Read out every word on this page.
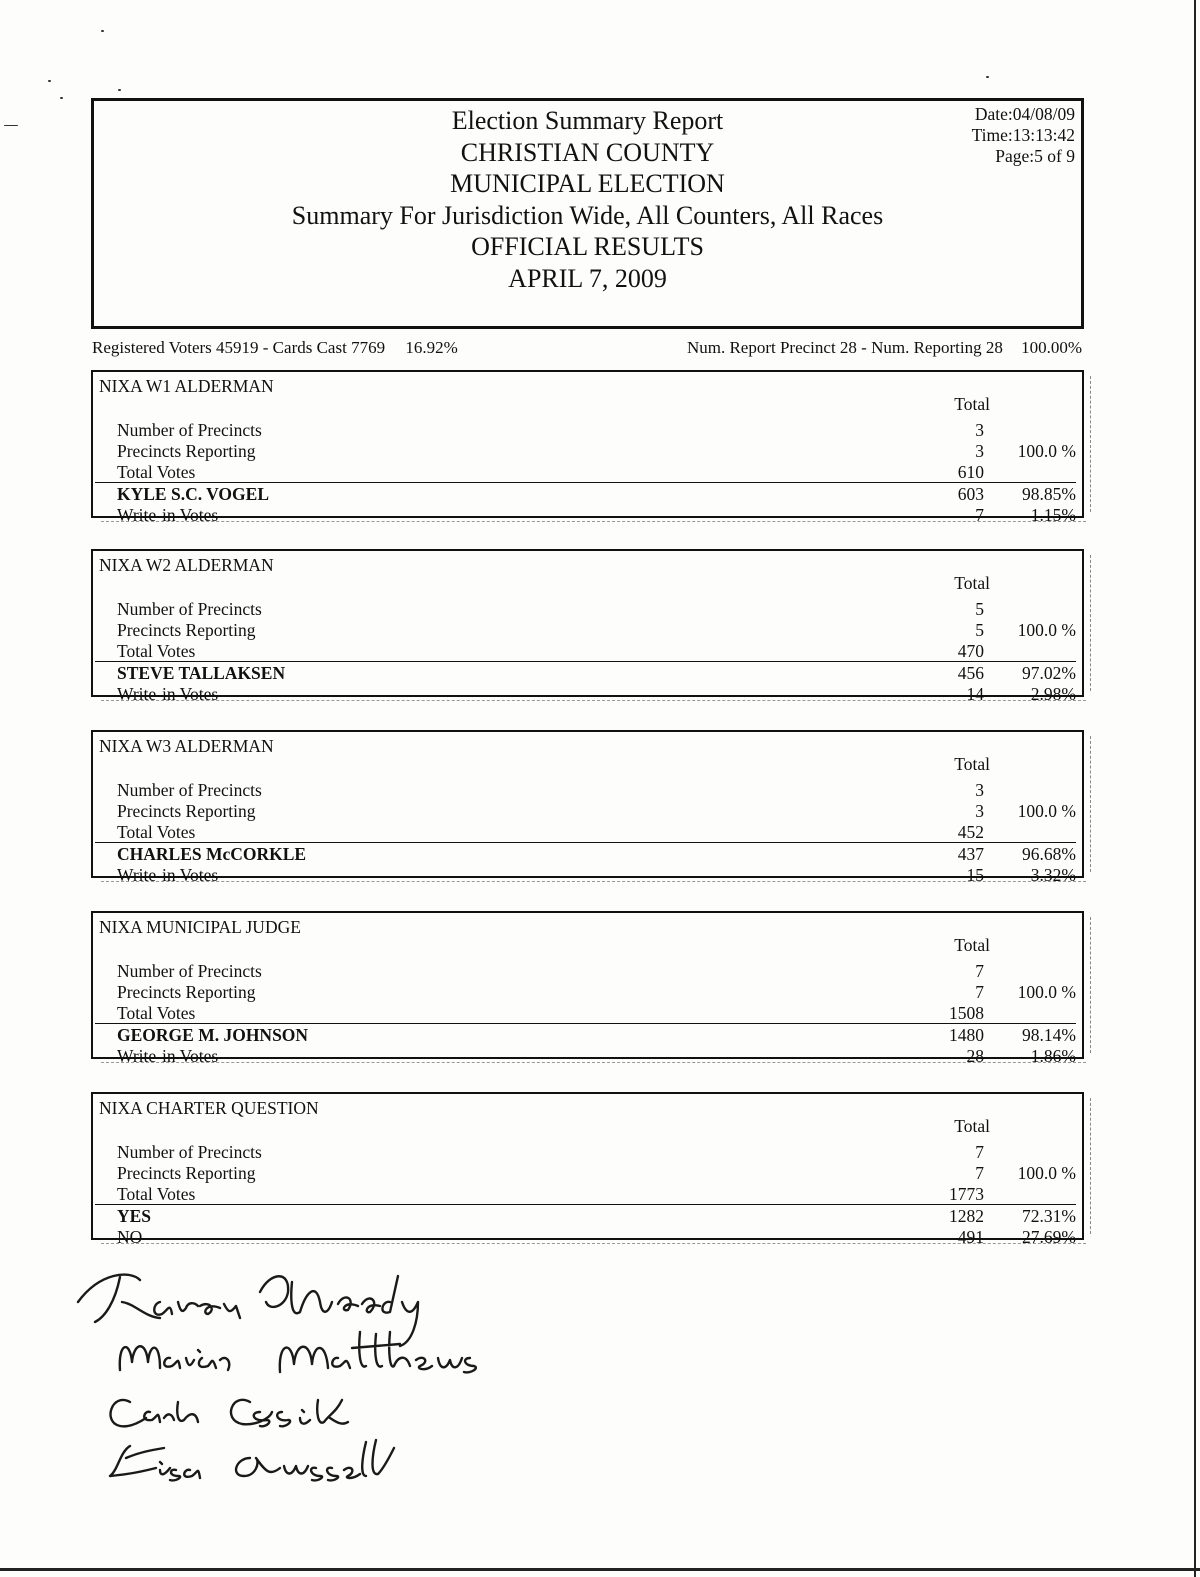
Election Summary Report
CHRISTIAN COUNTY
MUNICIPAL ELECTION
Summary For Jurisdiction Wide, All Counters, All Races
OFFICIAL RESULTS
APRIL 7, 2009
Date:04/08/09
Time:13:13:42
Page:5 of 9
Registered Voters 45919 - Cards Cast 7769 16.92%	Num. Report Precinct 28 - Num. Reporting 28 100.00%
NIXA W1 ALDERMAN
Total
Number of Precincts	3
Precincts Reporting	3 100.0 %
Total Votes	610
KYLE S.C. VOGEL	603 98.85%
Write-in Votes	7	1.15%
NIXA W2 ALDERMAN
Total
Number of Precincts	5
Precincts Reporting	5 100.0 %
Total Votes	470
STEVE TALLAKSEN	456 97.02%
Write-in Votes	14	2.98%
NIXA W3 ALDERMAN
Total
Number of Precincts	3
Precincts Reporting	3 100.0 %
Total Votes	452
CHARLES McCORKLE	437 96.68%
Write-in Votes	15	3.32%
NIXA MUNICIPAL JUDGE
Total
Number of Precincts	7
Precincts Reporting	7 100.0 %
Total Votes	1508
GEORGE M. JOHNSON	1480 98.14%
Write-in Votes	28	1.86%
NIXA CHARTER QUESTION
Total
Number of Precincts	7
Precincts Reporting	7 100.0 %
Total Votes	1773
YES	1282 72.31%
NO	491 27.69%
